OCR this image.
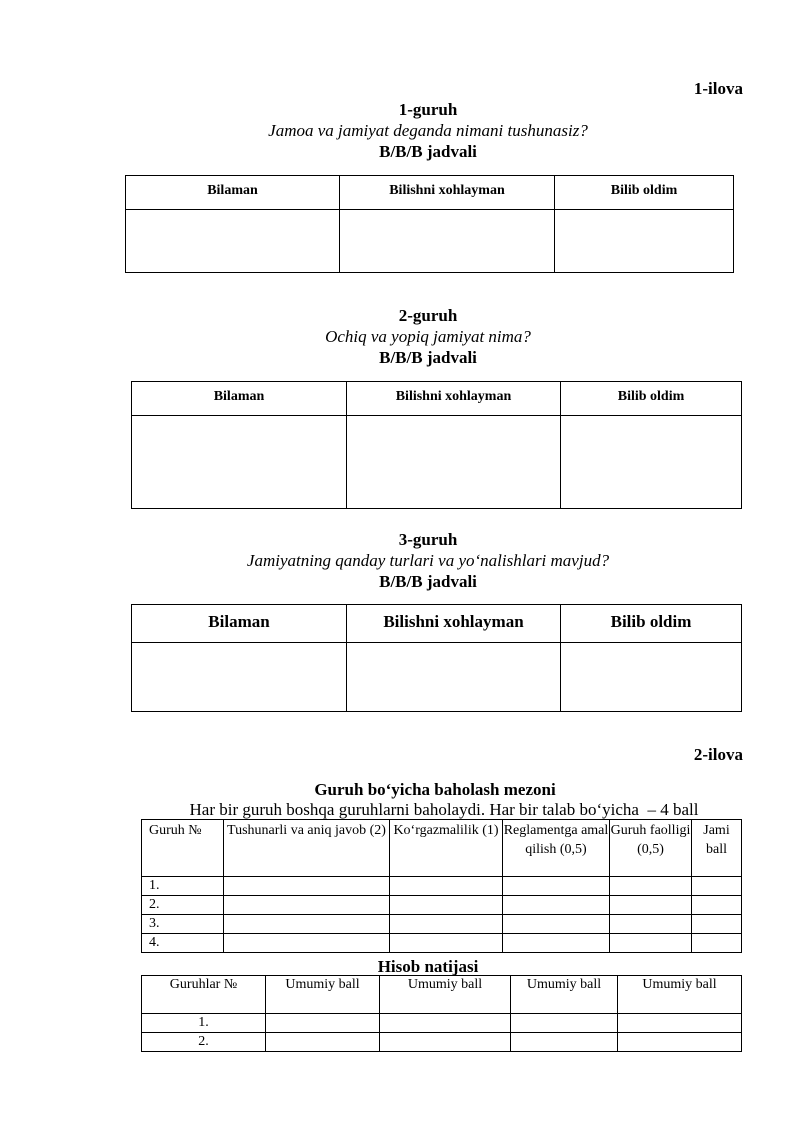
1-ilova
1-guruh
Jamoa va jamiyat deganda nimani tushunasiz?
B/B/B jadvali
Bilaman	Bilishni xohlayman	Bilib oldim

2-guruh
Ochiq va yopiq jamiyat nima?
B/B/B jadvali
Bilaman	Bilishni xohlayman	Bilib oldim

3-guruh
Jamiyatning qanday turlari va yo‘nalishlari mavjud?
B/B/B jadvali
Bilaman	Bilishni xohlayman	Bilib oldim

2-ilova
Guruh bo‘yicha baholash mezoni
Har bir guruh boshqa guruhlarni baholaydi. Har bir talab bo‘yicha  – 4 ball
Guruh №	Tushunarli va aniq javob (2)	Ko‘rgazmalilik (1)	Reglamentga amal qilish (0,5)	Guruh faolligi (0,5)	Jami ball
1.					
2.					
3.					
4.					
Hisob natijasi
Guruhlar №	Umumiy ball	Umumiy ball	Umumiy ball	Umumiy ball
1.				
2.				
